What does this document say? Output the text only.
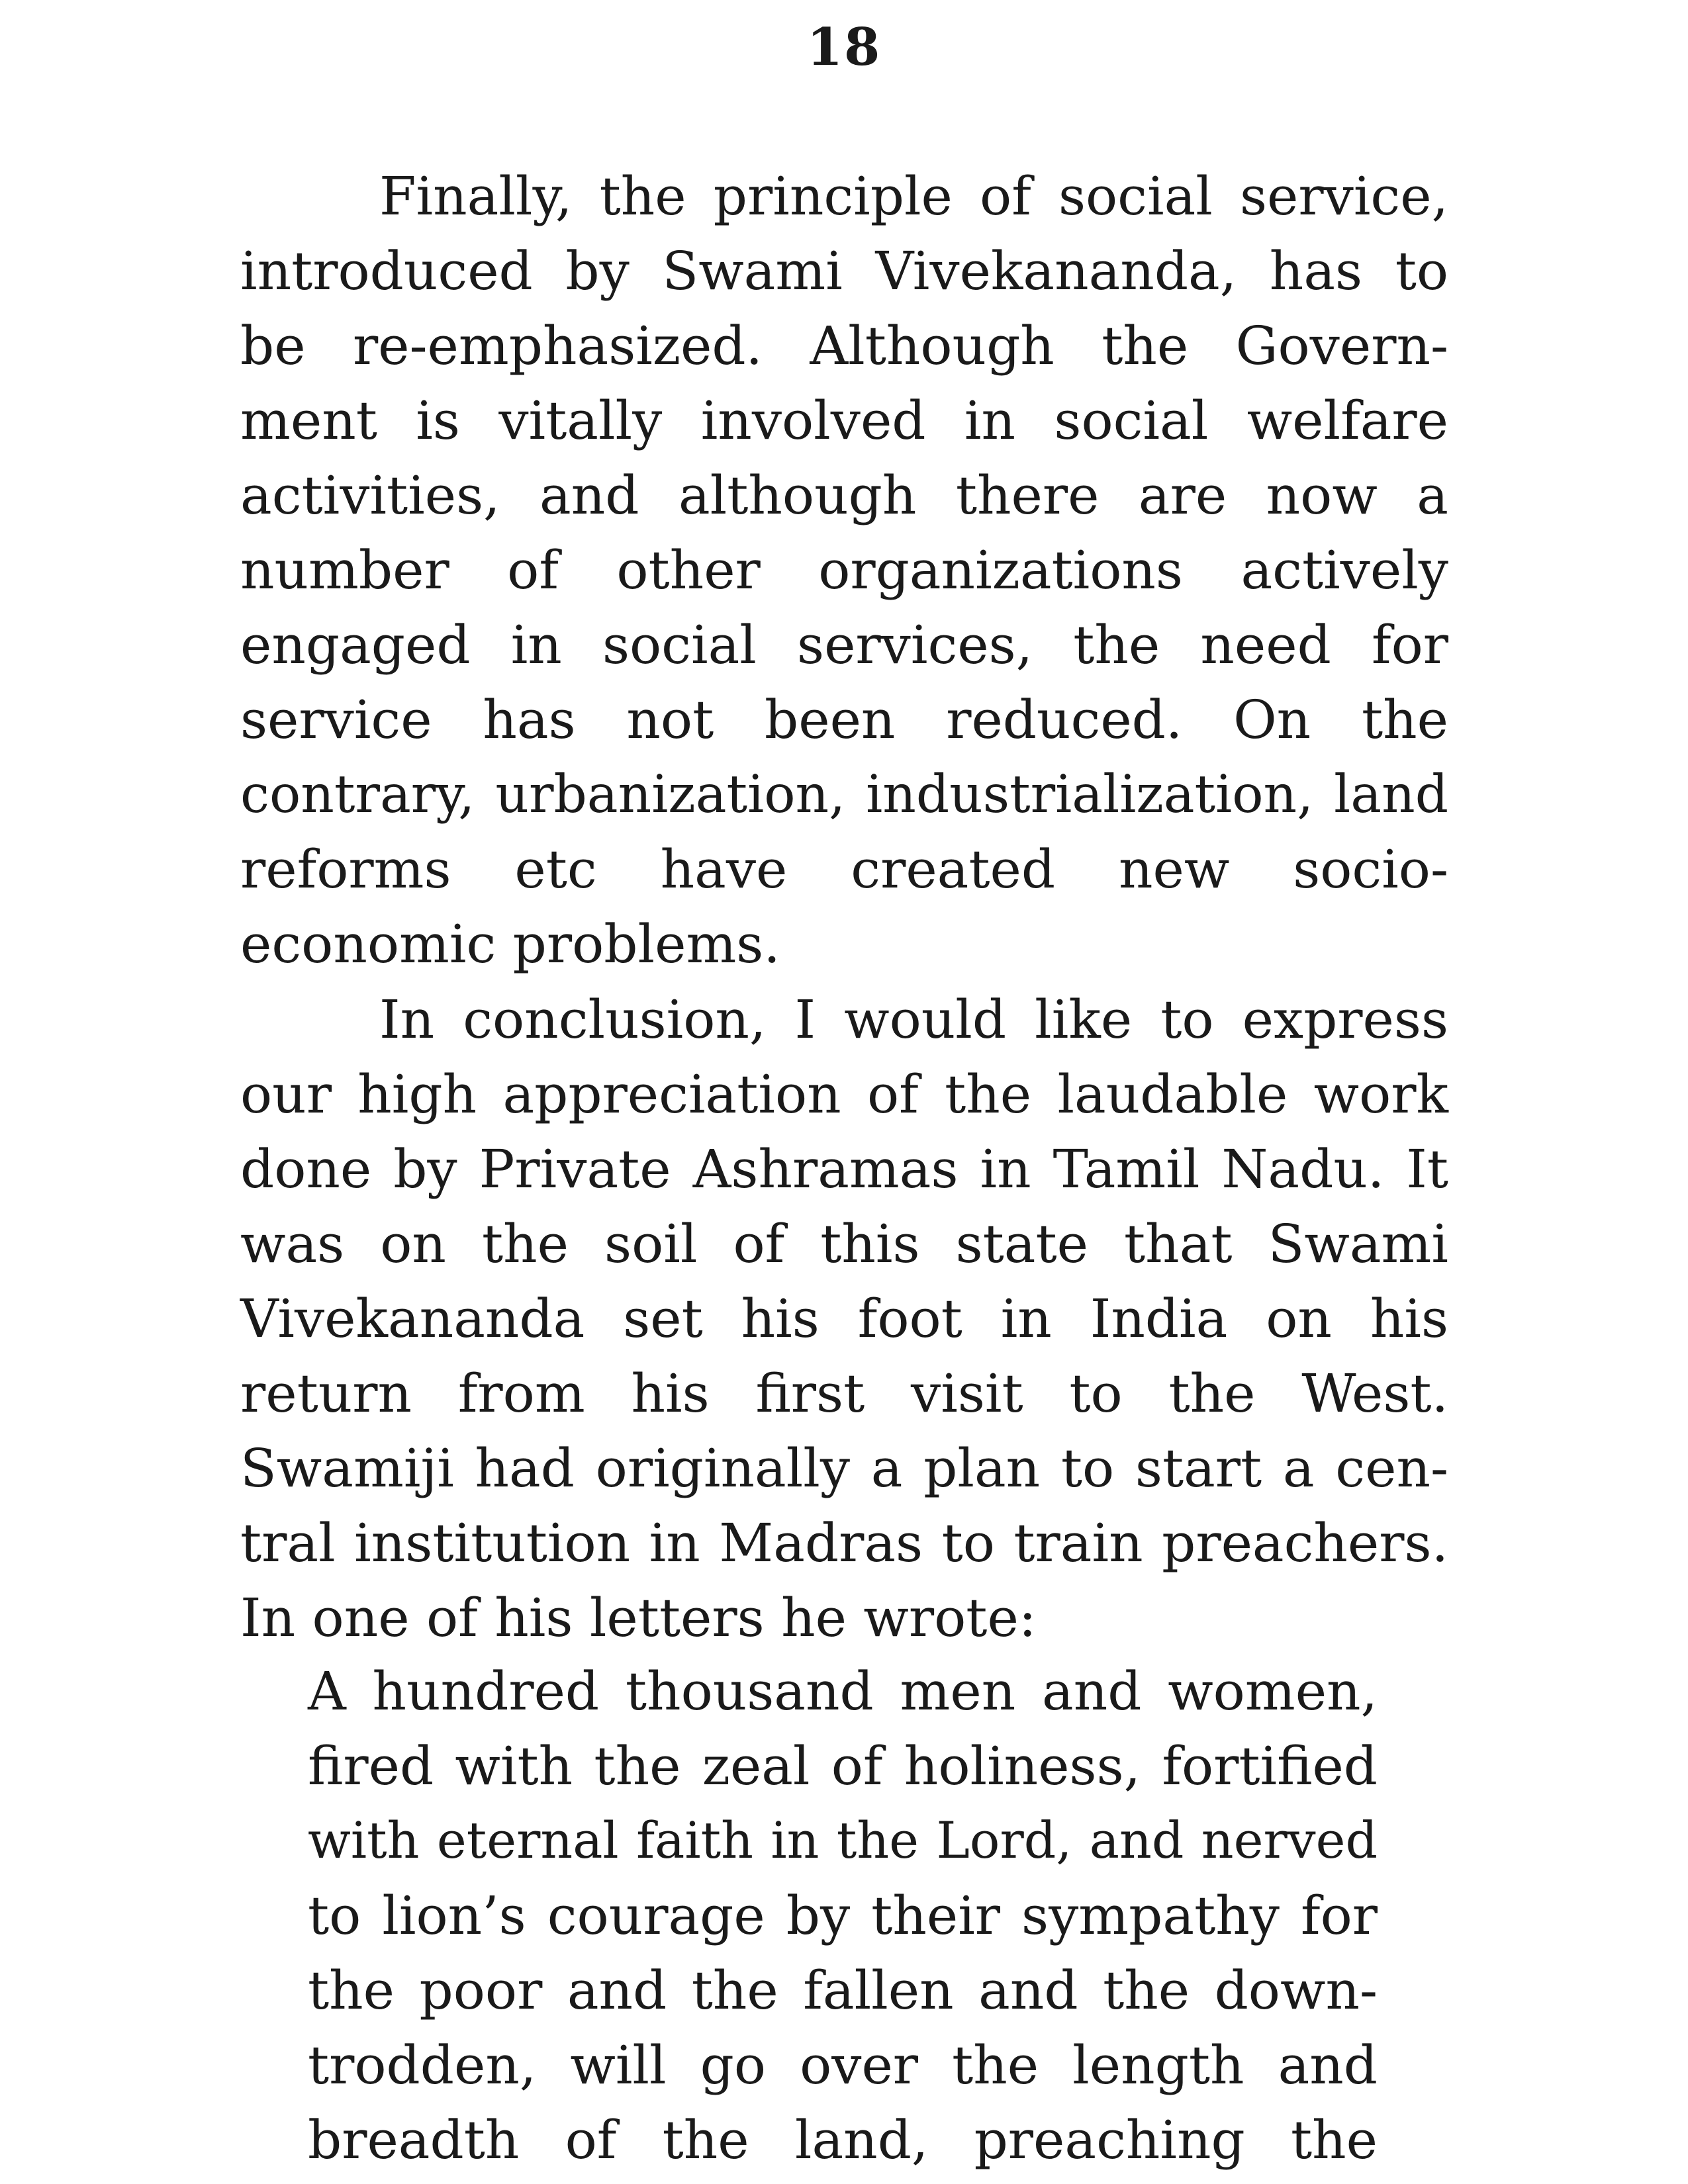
18
Finally, the principle of social service,
introduced by Swami Vivekananda, has to
be re-emphasized. Although the Govern-
ment is vitally involved in social welfare
activities, and although there are now a
number of other organizations actively
engaged in social services, the need for
service has not been reduced. On the
contrary, urbanization, industrialization, land
reforms etc have created new socio-
economic problems.
In conclusion, I would like to express
our high appreciation of the laudable work
done by Private Ashramas in Tamil Nadu. It
was on the soil of this state that Swami
Vivekananda set his foot in India on his
return from his first visit to the West.
Swamiji had originally a plan to start a cen-
tral institution in Madras to train preachers.
In one of his letters he wrote:
A hundred thousand men and women,
fired with the zeal of holiness, fortified
with eternal faith in the Lord, and nerved
to lion’s courage by their sympathy for
the poor and the fallen and the down-
trodden, will go over the length and
breadth of the land, preaching the
